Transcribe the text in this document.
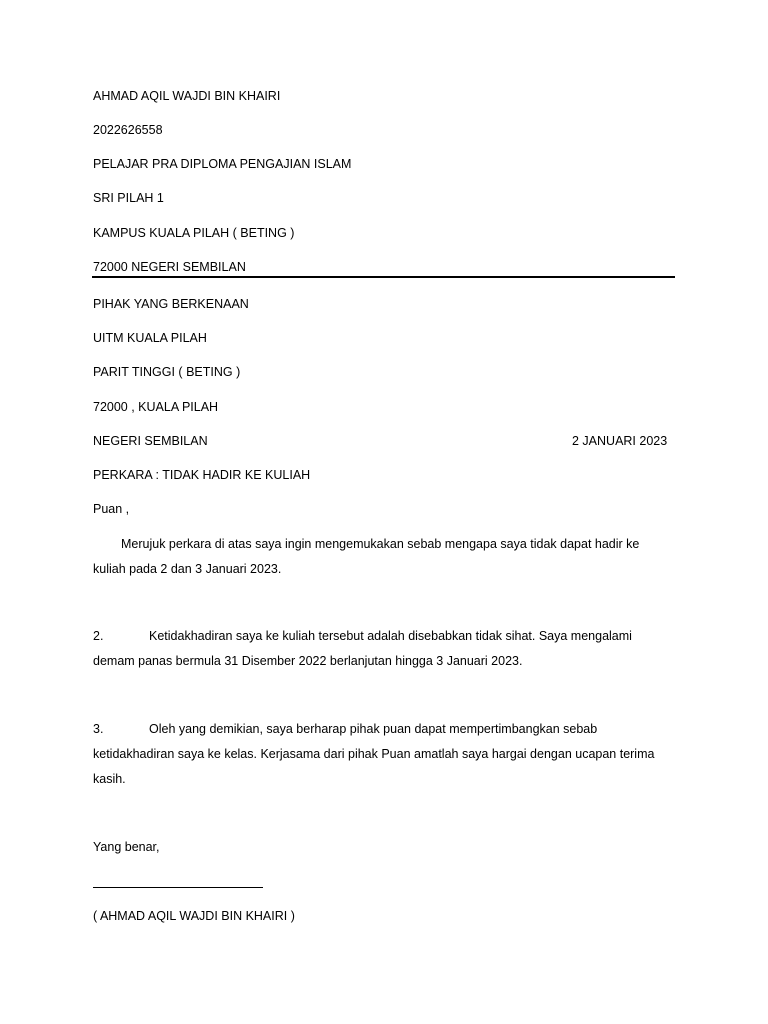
AHMAD AQIL WAJDI BIN KHAIRI
2022626558
PELAJAR PRA DIPLOMA PENGAJIAN ISLAM
SRI PILAH 1
KAMPUS KUALA PILAH ( BETING )
72000 NEGERI SEMBILAN
PIHAK YANG BERKENAAN
UITM KUALA PILAH
PARIT TINGGI ( BETING )
72000 , KUALA PILAH
NEGERI SEMBILAN	2 JANUARI 2023
PERKARA : TIDAK HADIR KE KULIAH
Puan ,
Merujuk perkara di atas saya ingin mengemukakan sebab mengapa saya tidak dapat hadir ke
kuliah pada 2 dan 3 Januari 2023.
2.	Ketidakhadiran saya ke kuliah tersebut adalah disebabkan tidak sihat. Saya mengalami
demam panas bermula 31 Disember 2022 berlanjutan hingga 3 Januari 2023.
3.	Oleh yang demikian, saya berharap pihak puan dapat mempertimbangkan sebab
ketidakhadiran saya ke kelas. Kerjasama dari pihak Puan amatlah saya hargai dengan ucapan terima
kasih.
Yang benar,
( AHMAD AQIL WAJDI BIN KHAIRI )
